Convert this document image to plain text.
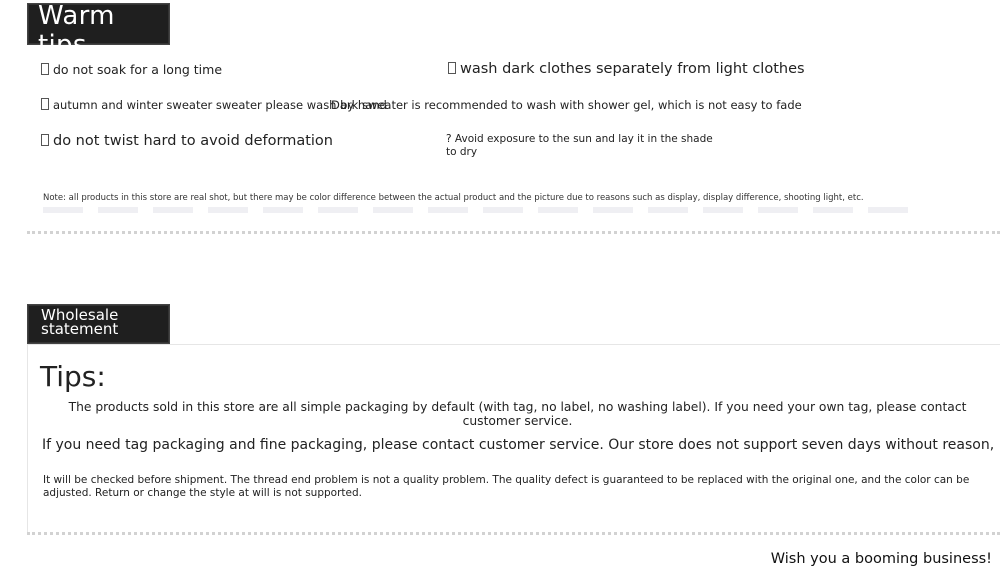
Warm tips
do not soak for a long time	wash dark clothes separately from light clothes
autumn and winter sweater sweater please wash by hand
Dark sweater is recommended to wash with shower gel, which is not easy to fade
do not twist hard to avoid deformation	? Avoid exposure to the sun and lay it in the shade to dry
Note: all products in this store are real shot, but there may be color difference between the actual product and the picture due to reasons such as display, display difference, shooting light, etc.
Wholesale statement
Tips:
The products sold in this store are all simple packaging by default (with tag, no label, no washing label). If you need your own tag, please contact customer service.
If you need tag packaging and fine packaging, please contact customer service. Our store does not support seven days without reason,
It will be checked before shipment. The thread end problem is not a quality problem. The quality defect is guaranteed to be replaced with the original one, and the color can be adjusted. Return or change the style at will is not supported.
Wish you a booming business!
